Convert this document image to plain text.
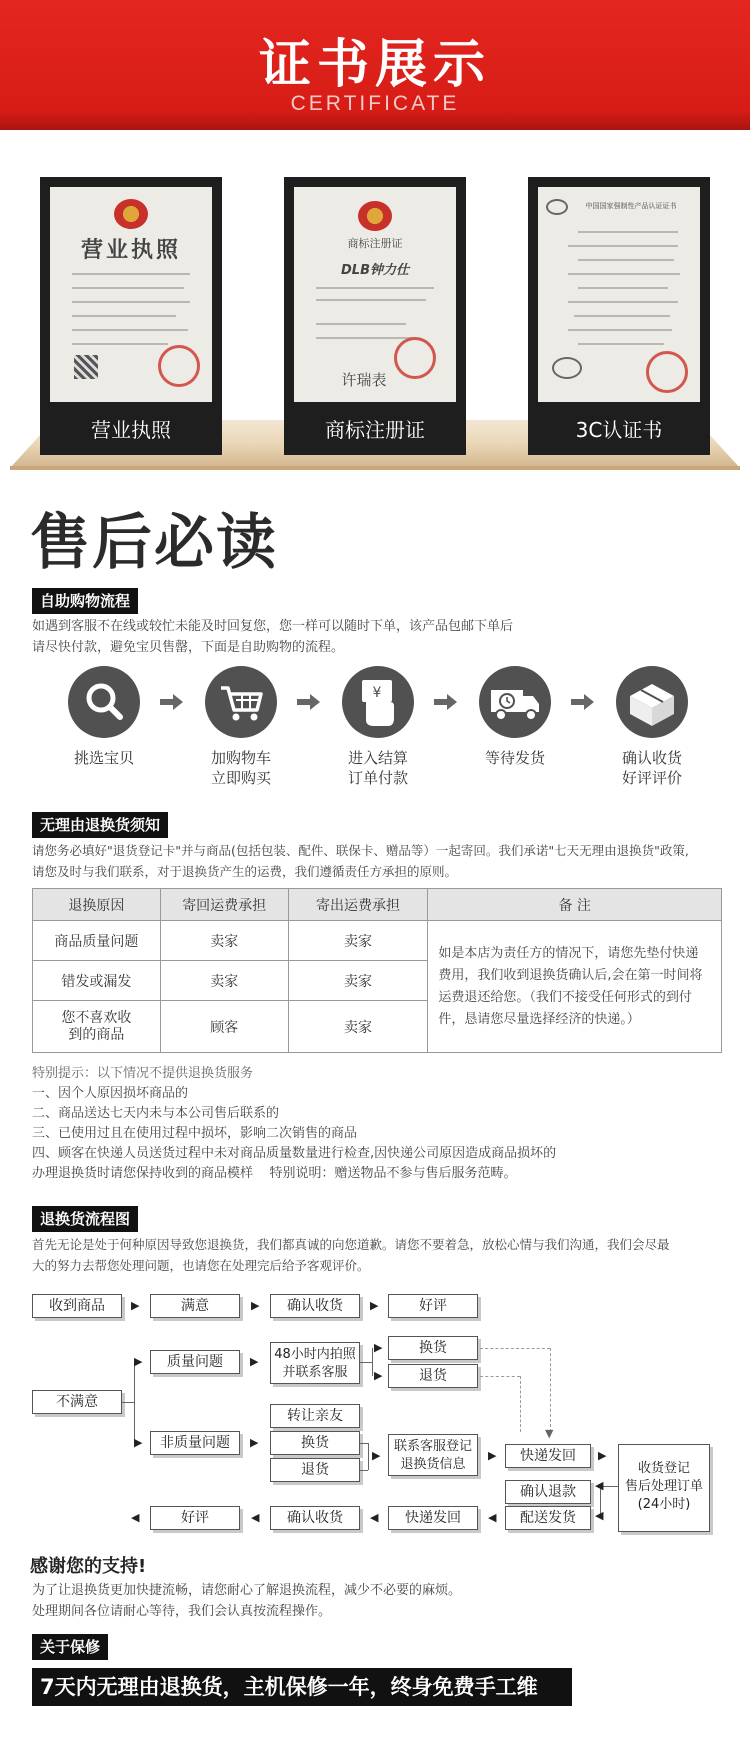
证书展示
CERTIFICATE
营业执照
营业执照
商标注册证
DLB钟力仕
许瑞表
商标注册证
中国国家强制性产品认证证书
3C认证书
售后必读
自助购物流程
如遇到客服不在线或较忙未能及时回复您，您一样可以随时下单，该产品包邮下单后
请尽快付款，避免宝贝售罄，下面是自助购物的流程。
¥
挑选宝贝	加购物车
立即购买
进入结算
订单付款
等待发货	确认收货
好评评价
无理由退换货须知
请您务必填好"退货登记卡"并与商品(包括包装、配件、联保卡、赠品等）一起寄回。我们承诺"七天无理由退换货"政策,
请您及时与我们联系，对于退换货产生的运费，我们遵循责任方承担的原则。
退换原因	寄回运费承担	寄出运费承担	备 注
商品质量问题	卖家	卖家	如是本店为责任方的情况下，请您先垫付快递
费用，我们收到退换货确认后,会在第一时间将
运费退还给您。（我们不接受任何形式的到付
件，恳请您尽量选择经济的快递。）

错发或漏发	卖家	卖家	
您不喜欢收
到的商品	顾客	卖家	
特别提示：以下情况不提供退换货服务
一、因个人原因损坏商品的
二、商品送达七天内未与本公司售后联系的
三、已使用过且在使用过程中损坏，影响二次销售的商品
四、顾客在快递人员送货过程中未对商品质量数量进行检查,因快递公司原因造成商品损坏的
办理退换货时请您保持收到的商品模样    特别说明：赠送物品不参与售后服务范畴。
退换货流程图
首先无论是处于何种原因导致您退换货，我们都真诚的向您道歉。请您不要着急，放松心情与我们沟通，我们会尽最
大的努力去帮您处理问题，也请您在处理完后给予客观评价。
收到商品	▶	满意	▶	确认收货	▶	好评
不满意
▶
▶
质量问题	▶ 48小时内拍照
并联系客服
▶
▶
换货
退货
▼
转让亲友
非质量问题	▶	换货
退货
▶
联系客服登记
退换货信息
▶	快递发回	▶
收货登记
售后处理订单
(24小时)
◀
◀
确认退款
配送发货
◀
快递发回
◀
确认收货
◀
好评
◀
感谢您的支持!
为了让退换货更加快捷流畅，请您耐心了解退换流程，减少不必要的麻烦。
处理期间各位请耐心等待，我们会认真按流程操作。
关于保修
7天内无理由退换货，主机保修一年，终身免费手工维修。
